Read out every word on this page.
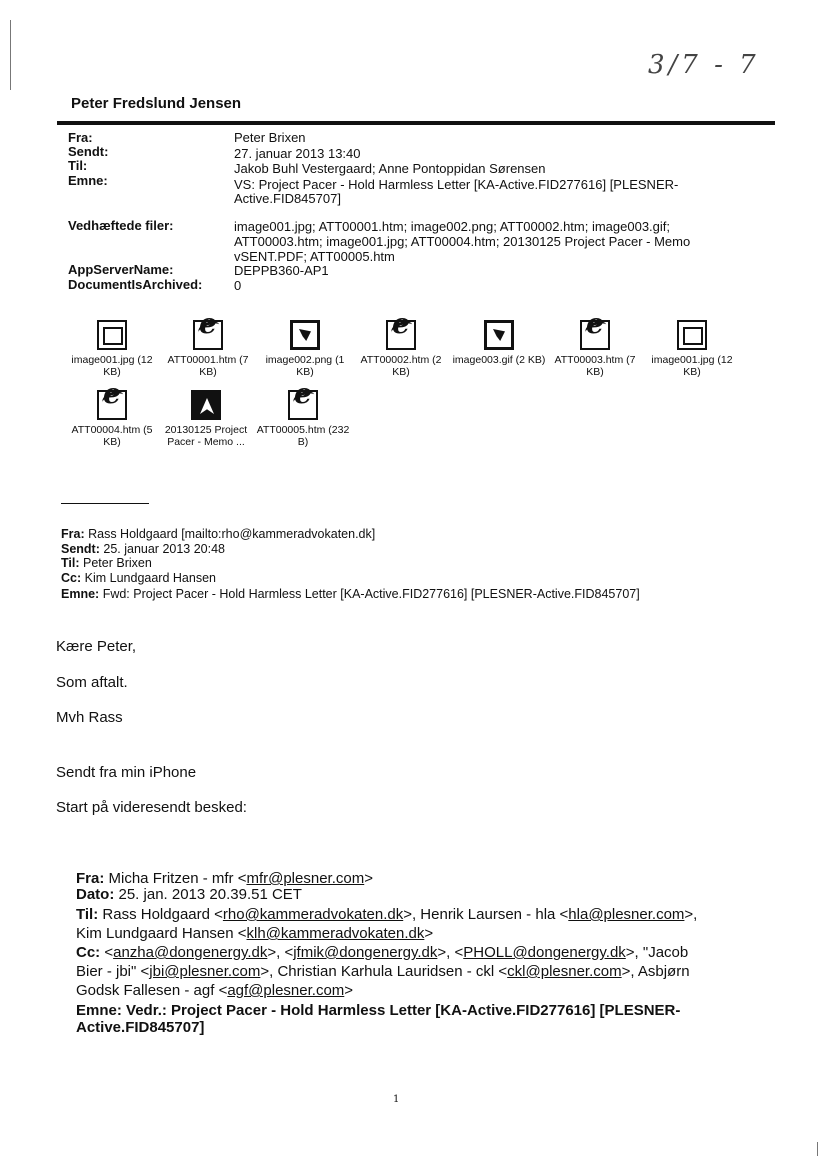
3/7 - 7
Peter Fredslund Jensen
Fra:	Peter Brixen
Sendt:	27. januar 2013 13:40
Til:	Jakob Buhl Vestergaard; Anne Pontoppidan Sørensen
Emne:	VS: Project Pacer - Hold Harmless Letter [KA-Active.FID277616] [PLESNER-
Active.FID845707]
Vedhæftede filer:	image001.jpg; ATT00001.htm; image002.png; ATT00002.htm; image003.gif;
ATT00003.htm; image001.jpg; ATT00004.htm; 20130125 Project Pacer - Memo
vSENT.PDF; ATT00005.htm
AppServerName:	DEPPB360-AP1
DocumentIsArchived: 0
image001.jpg (12
KB)
e
ATT00001.htm (7
KB)
image002.png (1
KB)
e
ATT00002.htm (2
KB)
image003.gif (2 KB)
e ATT00003.htm (7
KB)
image001.jpg (12
KB)
e
ATT00004.htm (5
KB)
20130125 Project
Pacer - Memo ...
e
ATT00005.htm (232
B)
Fra: Rass Holdgaard [mailto:rho@kammeradvokaten.dk]
Sendt: 25. januar 2013 20:48
Til: Peter Brixen
Cc: Kim Lundgaard Hansen
Emne: Fwd: Project Pacer - Hold Harmless Letter [KA-Active.FID277616] [PLESNER-Active.FID845707]
Kære Peter,
Som aftalt.
Mvh Rass
Sendt fra min iPhone
Start på videresendt besked:
Fra: Micha Fritzen - mfr <mfr@plesner.com>
Dato: 25. jan. 2013 20.39.51 CET
Til: Rass Holdgaard <rho@kammeradvokaten.dk>, Henrik Laursen - hla <hla@plesner.com>,
Kim Lundgaard Hansen <klh@kammeradvokaten.dk>
Cc: <anzha@dongenergy.dk>, <jfmik@dongenergy.dk>, <PHOLL@dongenergy.dk>, "Jacob
Bier - jbi" <jbi@plesner.com>, Christian Karhula Lauridsen - ckl <ckl@plesner.com>, Asbjørn
Godsk Fallesen - agf <agf@plesner.com>
Emne: Vedr.: Project Pacer - Hold Harmless Letter [KA-Active.FID277616] [PLESNER-
Active.FID845707]
1
